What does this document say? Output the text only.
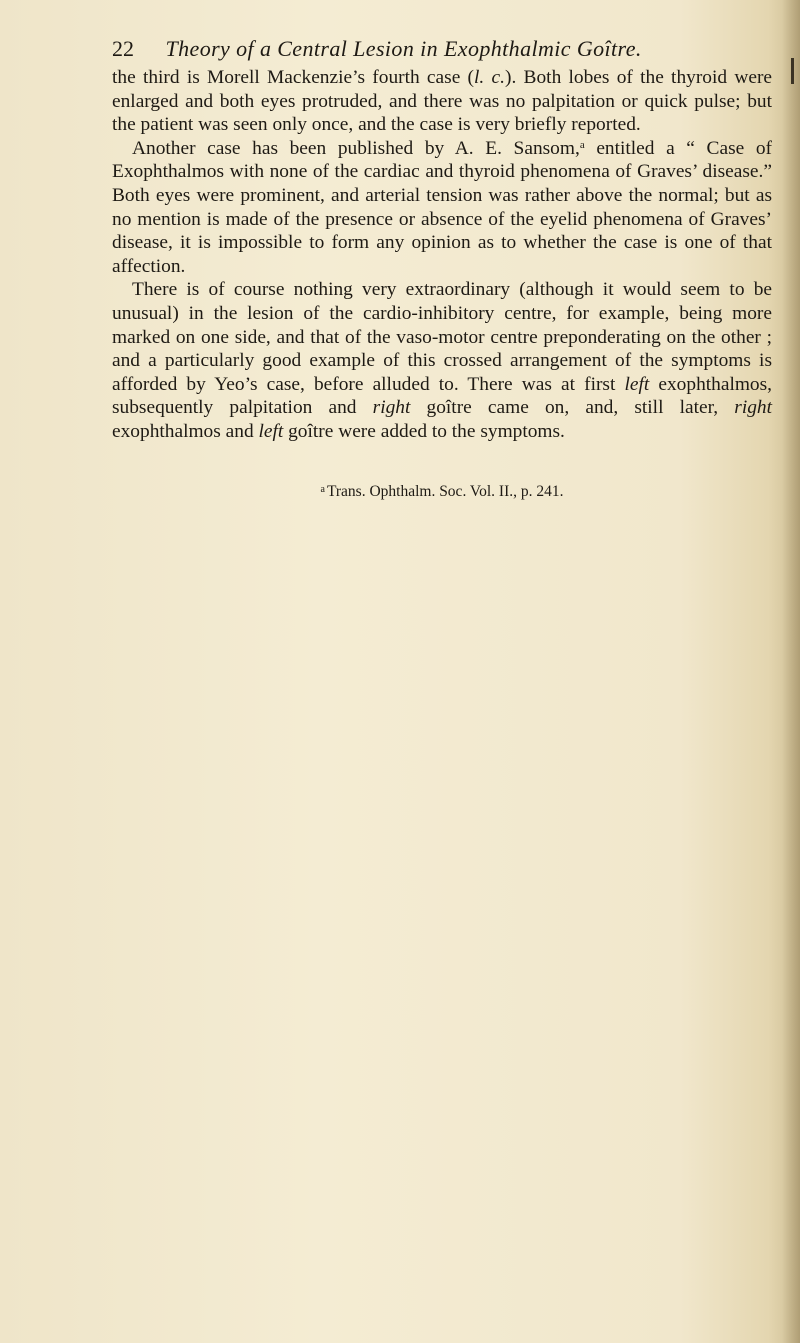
22 Theory of a Central Lesion in Exophthalmic Goître.

the third is Morell Mackenzie’s fourth case (l. c.). Both lobes of the thyroid were enlarged and both eyes protruded, and there was no palpitation or quick pulse; but the patient was seen only once, and the case is very briefly reported.

Another case has been published by A. E. Sansom,$^a$ entitled a “ Case of Exophthalmos with none of the cardiac and thyroid phenomena of Graves’ disease.” Both eyes were prominent, and arterial tension was rather above the normal; but as no mention is made of the presence or absence of the eyelid phenomena of Graves’ disease, it is impossible to form any opinion as to whether the case is one of that affection.

There is of course nothing very extraordinary (although it would seem to be unusual) in the lesion of the cardio-inhibitory centre, for example, being more marked on one side, and that of the vaso-motor centre preponderating on the other ; and a particularly good example of this crossed arrangement of the symptoms is afforded by Yeo’s case, before alluded to. There was at first left exophthalmos, subsequently palpitation and right goître came on, and, still later, right exophthalmos and left goître were added to the symptoms.

$^a$ Trans. Ophthalm. Soc. Vol. II., p. 241.
